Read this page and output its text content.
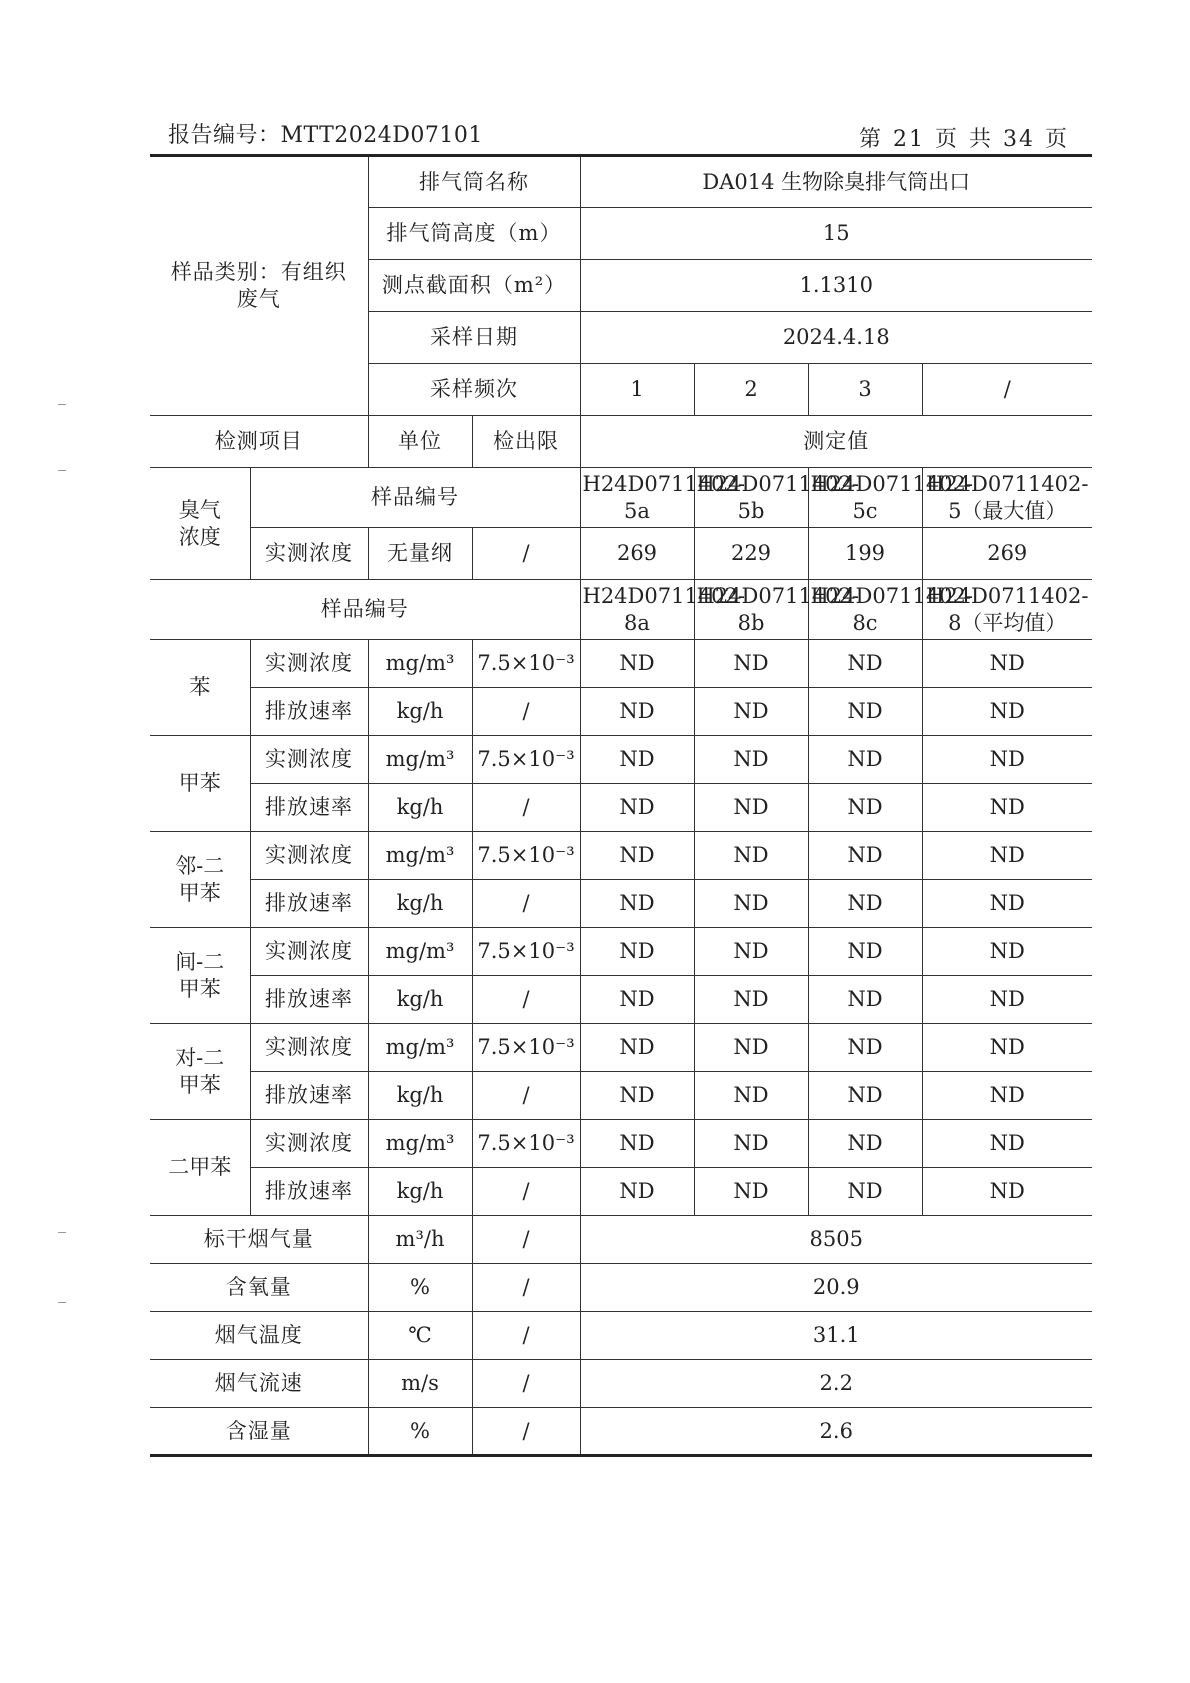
报告编号：MTT2024D07101	第 21 页 共 34 页
样品类别：有组织废气		排气筒名称		DA014 生物除臭排气筒出口			
		排气筒高度（m）		15			
		测点截面积（m²）		1.1310			
		采样日期		2024.4.18			
		采样频次		1	2	3	/
检测项目		单位	检出限	测定值			
臭气浓度	样品编号			H24D0711402-5a	H24D0711402-5b	H24D0711402-5c	H24D0711402-5（最大值）
	实测浓度	无量纲	/	269	229	199	269
样品编号				H24D0711402-8a	H24D0711402-8b	H24D0711402-8c	H24D0711402-8（平均值）
苯	实测浓度	mg/m³	7.5×10⁻³	ND	ND	ND	ND
	排放速率	kg/h	/	ND	ND	ND	ND
甲苯	实测浓度	mg/m³	7.5×10⁻³	ND	ND	ND	ND
	排放速率	kg/h	/	ND	ND	ND	ND
邻-二甲苯	实测浓度	mg/m³	7.5×10⁻³	ND	ND	ND	ND
	排放速率	kg/h	/	ND	ND	ND	ND
间-二甲苯	实测浓度	mg/m³	7.5×10⁻³	ND	ND	ND	ND
	排放速率	kg/h	/	ND	ND	ND	ND
对-二甲苯	实测浓度	mg/m³	7.5×10⁻³	ND	ND	ND	ND
	排放速率	kg/h	/	ND	ND	ND	ND
二甲苯	实测浓度	mg/m³	7.5×10⁻³	ND	ND	ND	ND
	排放速率	kg/h	/	ND	ND	ND	ND
标干烟气量		m³/h	/	8505			
含氧量		%	/	20.9			
烟气温度		℃	/	31.1			
烟气流速		m/s	/	2.2			
含湿量		%	/	2.6			
